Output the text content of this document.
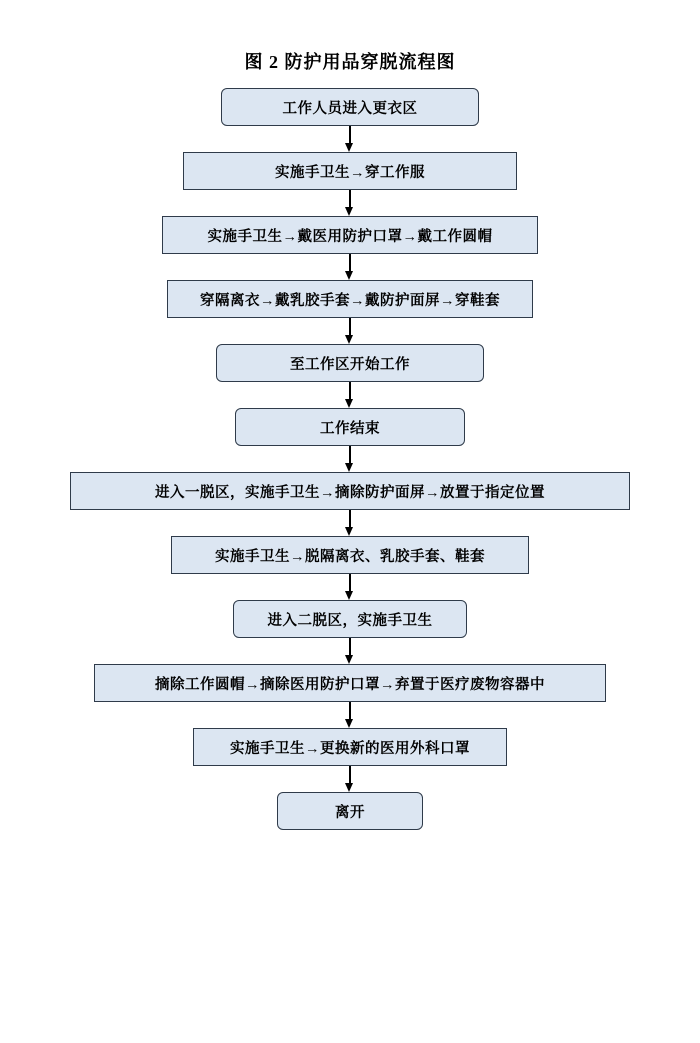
图 2 防护用品穿脱流程图
工作人员进入更衣区
实施手卫生→穿工作服
实施手卫生→戴医用防护口罩→戴工作圆帽
穿隔离衣→戴乳胶手套→戴防护面屏→穿鞋套
至工作区开始工作
工作结束
进入一脱区，实施手卫生→摘除防护面屏→放置于指定位置
实施手卫生→脱隔离衣、乳胶手套、鞋套
进入二脱区，实施手卫生
摘除工作圆帽→摘除医用防护口罩→弃置于医疗废物容器中
实施手卫生→更换新的医用外科口罩
离开
